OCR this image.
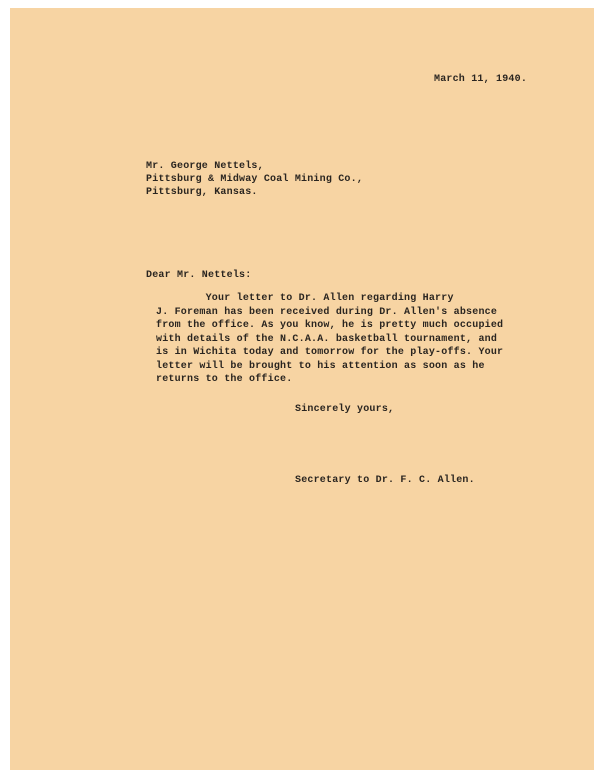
March 11, 1940.
Mr. George Nettels,
Pittsburg & Midway Coal Mining Co.,
Pittsburg, Kansas.
Dear Mr. Nettels:
Your letter to Dr. Allen regarding Harry
J. Foreman has been received during Dr. Allen's absence
from the office. As you know, he is pretty much occupied
with details of the N.C.A.A. basketball tournament, and
is in Wichita today and tomorrow for the play-offs. Your
letter will be brought to his attention as soon as he
returns to the office.
Sincerely yours,
Secretary to Dr. F. C. Allen.
